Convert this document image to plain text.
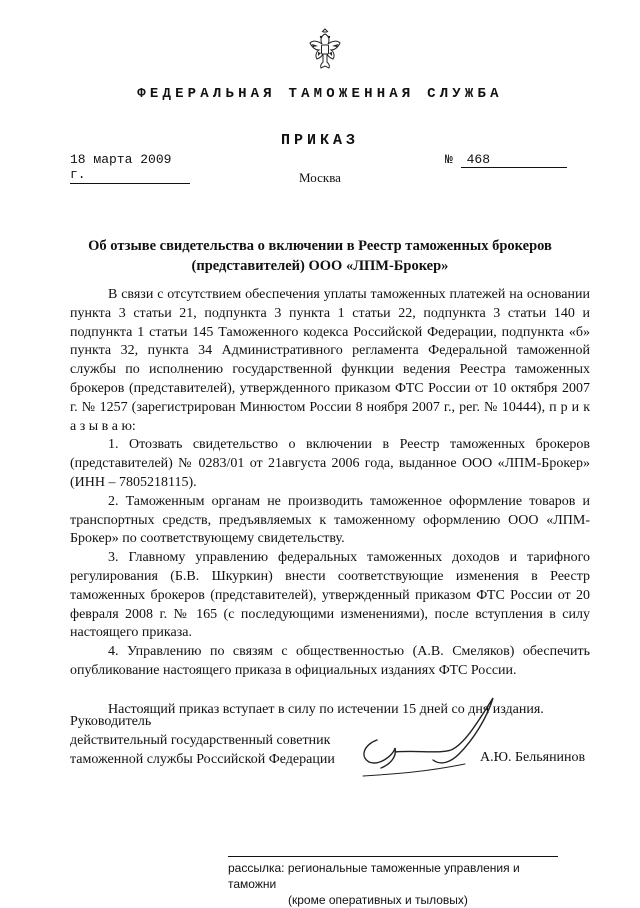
ФЕДЕРАЛЬНАЯ ТАМОЖЕННАЯ СЛУЖБА
ПРИКАЗ
18 марта 2009 г.
№ 468
Москва
Об отзыве свидетельства о включении в Реестр таможенных брокеров
(представителей) ООО «ЛПМ-Брокер»

В связи с отсутствием обеспечения уплаты таможенных платежей на основании пункта 3 статьи 21, подпункта 3 пункта 1 статьи 22, подпункта 3 статьи 140 и подпункта 1 статьи 145 Таможенного кодекса Российской Федерации, подпункта «б» пункта 32, пункта 34 Административного регламента Федеральной таможенной службы по исполнению государственной функции ведения Реестра таможенных брокеров (представителей), утвержденного приказом ФТС России от 10 октября 2007 г. № 1257 (зарегистрирован Минюстом России 8 ноября 2007 г., рег. № 10444), п р и к а з ы в а ю:

1. Отозвать свидетельство о включении в Реестр таможенных брокеров (представителей) № 0283/01 от 21августа 2006 года, выданное ООО «ЛПМ-Брокер» (ИНН – 7805218115).

2. Таможенным органам не производить таможенное оформление товаров и транспортных средств, предъявляемых к таможенному оформлению ООО «ЛПМ-Брокер» по соответствующему свидетельству.

3. Главному управлению федеральных таможенных доходов и тарифного регулирования (Б.В. Шкуркин) внести соответствующие изменения в Реестр таможенных брокеров (представителей), утвержденный приказом ФТС России от 20 февраля 2008 г. № 165 (с последующими изменениями), после вступления в силу настоящего приказа.

4. Управлению по связям с общественностью (А.В. Смеляков) обеспечить опубликование настоящего приказа в официальных изданиях ФТС России.

Настоящий приказ вступает в силу по истечении 15 дней со дня издания.

Руководитель
действительный государственный советник
таможенной службы Российской Федерации	А.Ю. Бельянинов
рассылка: региональные таможенные управления и таможни
(кроме оперативных и тыловых)
